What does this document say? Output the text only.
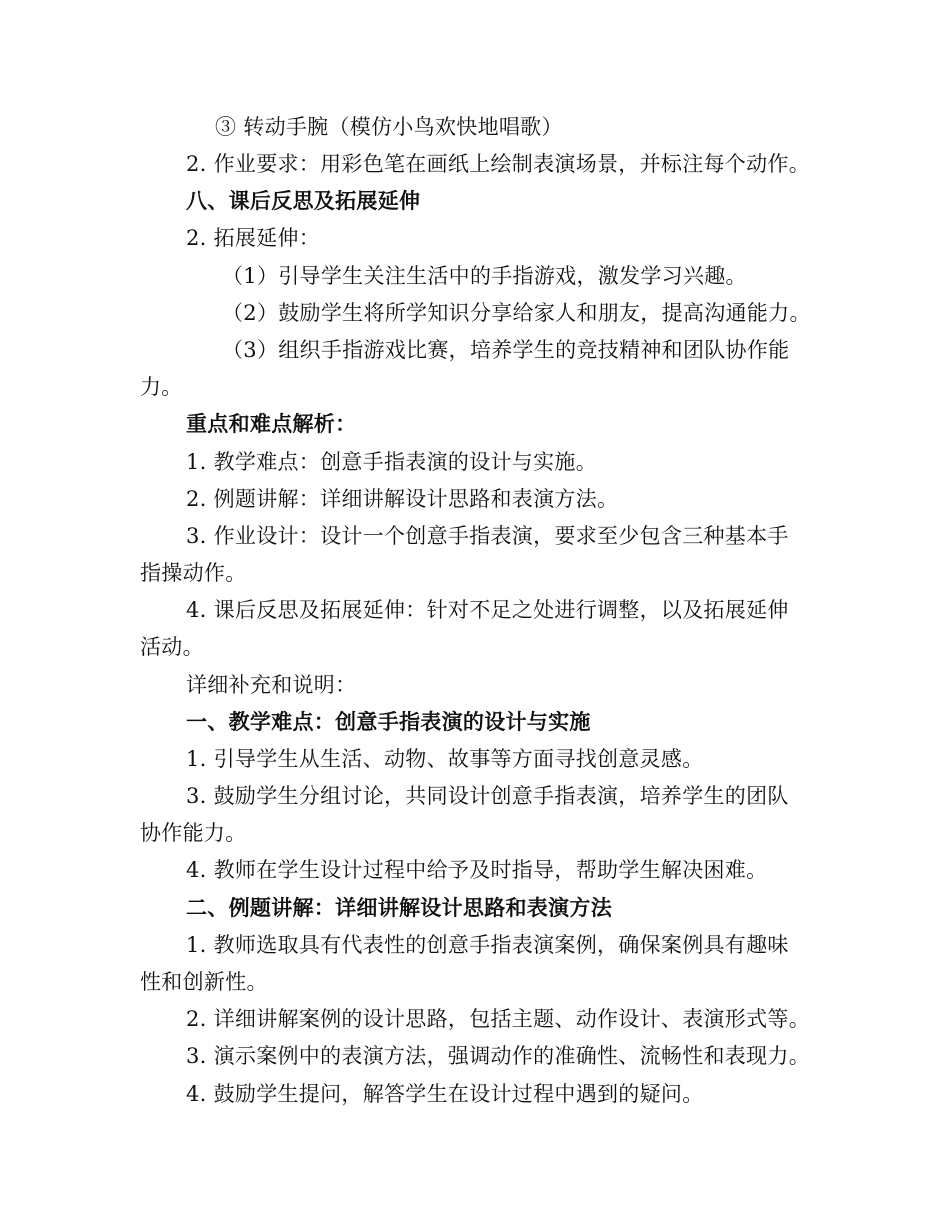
③ 转动手腕（模仿小鸟欢快地唱歌）
2. 作业要求：用彩色笔在画纸上绘制表演场景，并标注每个动作。
八、课后反思及拓展延伸
2. 拓展延伸：
（1）引导学生关注生活中的手指游戏，激发学习兴趣。
（2）鼓励学生将所学知识分享给家人和朋友，提高沟通能力。
（3）组织手指游戏比赛，培养学生的竞技精神和团队协作能
力。
重点和难点解析：
1. 教学难点：创意手指表演的设计与实施。
2. 例题讲解：详细讲解设计思路和表演方法。
3. 作业设计：设计一个创意手指表演，要求至少包含三种基本手
指操动作。
4. 课后反思及拓展延伸：针对不足之处进行调整，以及拓展延伸
活动。
详细补充和说明：
一、教学难点：创意手指表演的设计与实施
1. 引导学生从生活、动物、故事等方面寻找创意灵感。
3. 鼓励学生分组讨论，共同设计创意手指表演，培养学生的团队
协作能力。
4. 教师在学生设计过程中给予及时指导，帮助学生解决困难。
二、例题讲解：详细讲解设计思路和表演方法
1. 教师选取具有代表性的创意手指表演案例，确保案例具有趣味
性和创新性。
2. 详细讲解案例的设计思路，包括主题、动作设计、表演形式等。
3. 演示案例中的表演方法，强调动作的准确性、流畅性和表现力。
4. 鼓励学生提问，解答学生在设计过程中遇到的疑问。
